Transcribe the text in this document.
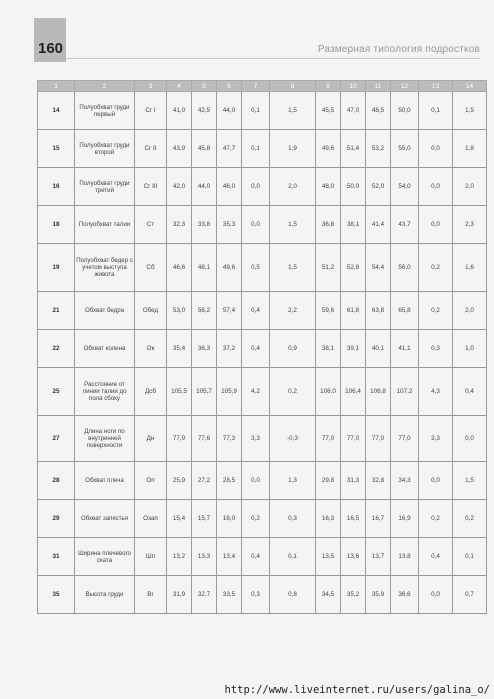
160	Размерная типология подростков
1	2	3	4	5	6	7	8	9	10	11	12	13	14
14	Полуобхват груди первый	Cг I	41,0	42,5	44,0	0,1	1,5	45,5	47,0	48,5	50,0	0,1	1,5
15	Полуобхват груди второй	Cг II	43,9	45,8	47,7	0,1	1,9	49,6	51,4	53,2	55,0	0,0	1,8
16	Полуобхват груди третий	Cг III	42,0	44,0	46,0	0,0	2,0	48,0	50,0	52,0	54,0	0,0	2,0
18	Полуобхват талии	Ст	32,3	33,8	35,3	0,0	1,5	36,8	38,1	41,4	43,7	0,0	2,3
19	Полуобхват бедер с учетом выступа живота	Сб	46,6	48,1	49,6	0,5	1,5	51,2	52,8	54,4	56,0	0,2	1,6
21	Обхват бедра	Обед	53,0	56,2	57,4	0,4	2,2	59,6	61,8	63,8	65,8	0,2	2,0
22	Обхват колена	Ок	35,4	36,3	37,2	0,4	0,9	38,1	39,1	40,1	41,1	0,3	1,0
25	Расстояние от линии талии до пола сбоку	Дсб	105,5	105,7	105,9	4,2	0,2	106,0	106,4	106,8	107,2	4,3	0,4
27	Длина ноги по внутренней поверхности	Дн	77,9	77,6	77,3	3,3	-0,3	77,0	77,0	77,0	77,0	3,3	0,0
28	Обхват плеча	Оп	25,9	27,2	28,5	0,0	1,3	29,8	31,3	32,8	34,3	0,0	1,5
29	Обхват запястья	Озап	15,4	15,7	16,0	0,2	0,3	16,3	16,5	16,7	16,9	0,2	0,2
31	Ширина плечевого ската	Шп	13,2	13,3	13,4	0,4	0,1	13,5	13,6	13,7	13,8	0,4	0,1
35	Высота груди	Вг	31,9	32,7	33,5	0,3	0,8	34,5	35,2	35,9	36,6	0,0	0,7
http://www.liveinternet.ru/users/galina_o/
